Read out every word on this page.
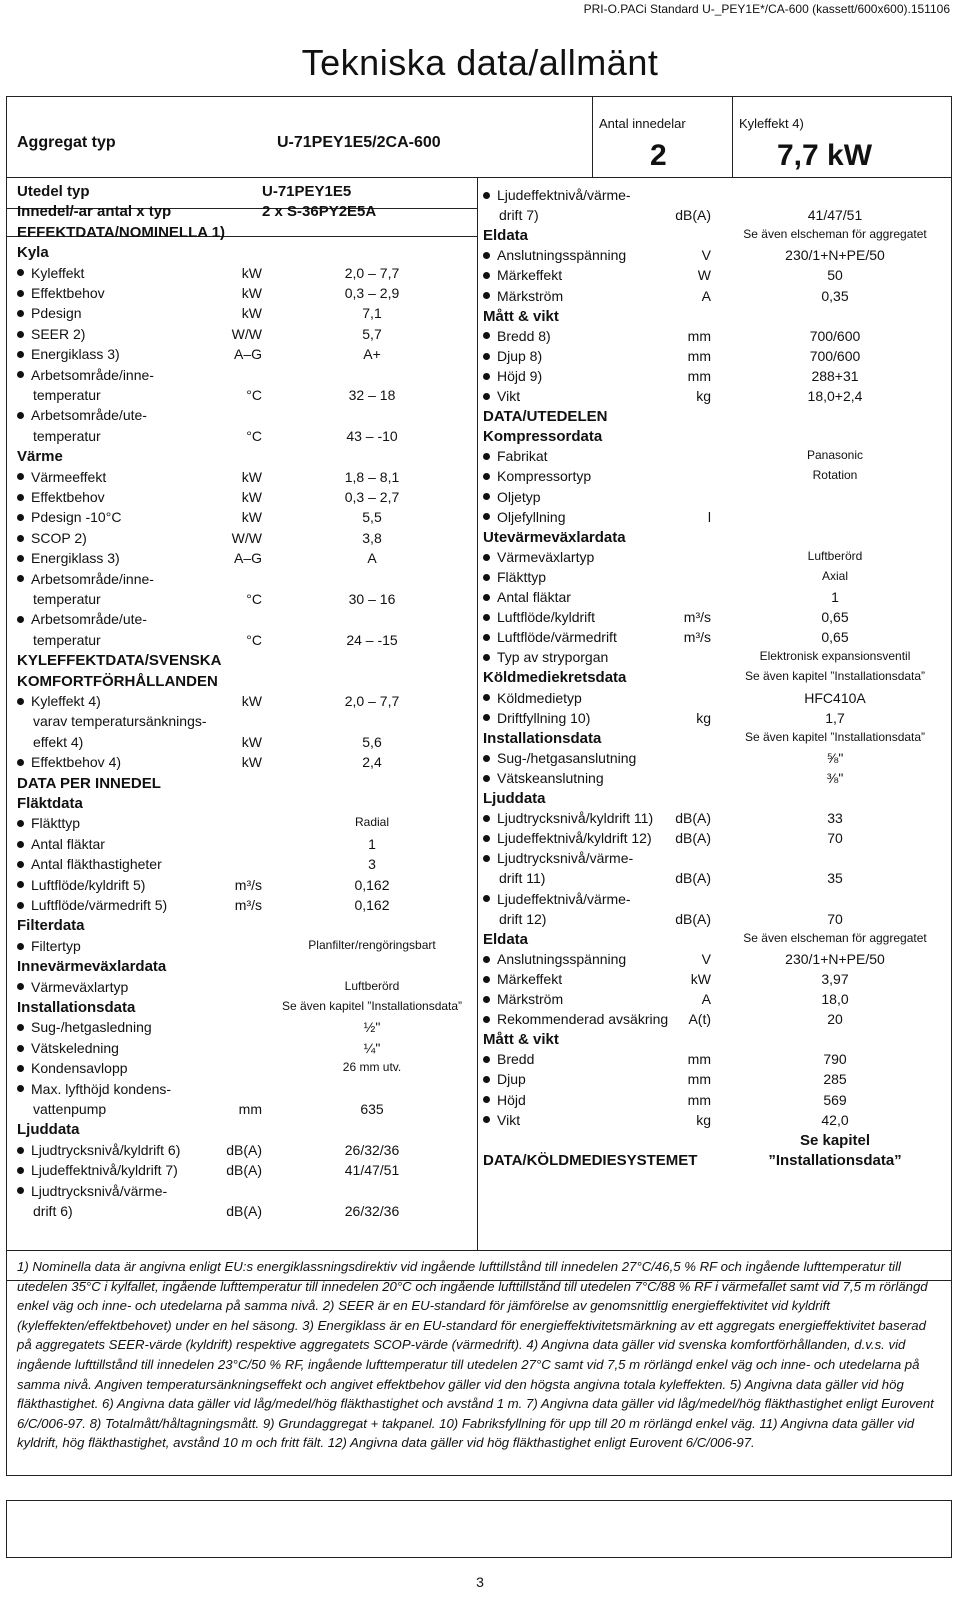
PRI-O.PACi Standard U-_PEY1E*/CA-600 (kassett/600x600).151106
Tekniska data/allmänt
Aggregat typ	U-71PEY1E5/2CA-600
Antal innedelar
2
Kyleffekt 4)
7,7 kW
Utedel typ	U-71PEY1E5
Innedel/-ar antal x typ	2 x S-36PY2E5A
EFFEKTDATA/NOMINELLA 1)
Kyla
Kyleffekt	kW	2,0 – 7,7
Effektbehov	kW	0,3 – 2,9
Pdesign	kW	7,1
SEER 2)	W/W	5,7
Energiklass 3)	A–G	A+
Arbetsområde/inne-
temperatur	°C	32 – 18
Arbetsområde/ute-
temperatur	°C	43 – -10
Värme
Värmeeffekt	kW	1,8 – 8,1
Effektbehov	kW	0,3 – 2,7
Pdesign -10°C	kW	5,5
SCOP 2)	W/W	3,8
Energiklass 3)	A–G	A
Arbetsområde/inne-
temperatur	°C	30 – 16
Arbetsområde/ute-
temperatur	°C	24 – -15
KYLEFFEKTDATA/SVENSKA
KOMFORTFÖRHÅLLANDEN
Kyleffekt 4)	kW	2,0 – 7,7
varav temperatursänknings-
effekt 4)	kW	5,6
Effektbehov 4)	kW	2,4
DATA PER INNEDEL
Fläktdata
Fläkttyp	Radial
Antal fläktar	1
Antal fläkthastigheter	3
Luftflöde/kyldrift 5)	m³/s	0,162
Luftflöde/värmedrift 5)	m³/s	0,162
Filterdata
Filtertyp	Planfilter/rengöringsbart
Innevärmeväxlardata
Värmeväxlartyp	Luftberörd
Installationsdata	Se även kapitel ”Installationsdata”
Sug-/hetgasledning	½"
Vätskeledning	¼"
Kondensavlopp	26 mm utv.
Max. lyfthöjd kondens-
vattenpump	mm	635
Ljuddata
Ljudtrycksnivå/kyldrift 6)	dB(A)	26/32/36
Ljudeffektnivå/kyldrift 7)	dB(A)	41/47/51
Ljudtrycksnivå/värme-
drift 6)	dB(A)	26/32/36
Ljudeffektnivå/värme-
drift 7)	dB(A)	41/47/51
Eldata	Se även elscheman för aggregatet
Anslutningsspänning	V	230/1+N+PE/50
Märkeffekt	W	50
Märkström	A	0,35
Mått & vikt
Bredd 8)	mm	700/600
Djup 8)	mm	700/600
Höjd 9)	mm	288+31
Vikt	kg	18,0+2,4
DATA/UTEDELEN
Kompressordata
Fabrikat	Panasonic
Kompressortyp	Rotation
Oljetyp
Oljefyllning	l
Utevärmeväxlardata
Värmeväxlartyp	Luftberörd
Fläkttyp	Axial
Antal fläktar	1
Luftflöde/kyldrift	m³/s	0,65
Luftflöde/värmedrift	m³/s	0,65
Typ av stryporgan	Elektronisk expansionsventil
Köldmediekretsdata	Se även kapitel ”Installationsdata”
Köldmedietyp	HFC410A
Driftfyllning 10)	kg	1,7
Installationsdata	Se även kapitel ”Installationsdata”
Sug-/hetgasanslutning	⅝"
Vätskeanslutning	⅜"
Ljuddata
Ljudtrycksnivå/kyldrift 11) dB(A)	33
Ljudeffektnivå/kyldrift 12) dB(A)	70
Ljudtrycksnivå/värme-
drift 11)	dB(A)	35
Ljudeffektnivå/värme-
drift 12)	dB(A)	70
Eldata	Se även elscheman för aggregatet
Anslutningsspänning	V	230/1+N+PE/50
Märkeffekt	kW	3,97
Märkström	A	18,0
Rekommenderad avsäkring A(t)	20
Mått & vikt
Bredd	mm	790
Djup	mm	285
Höjd	mm	569
Vikt	kg	42,0
Se kapitel
DATA/KÖLDMEDIESYSTEMET	”Installationsdata”
1) Nominella data är angivna enligt EU:s energiklassningsdirektiv vid ingående lufttillstånd till innedelen 27°C/46,5 % RF och ingående lufttemperatur till utedelen 35°C i kylfallet, ingående lufttemperatur till innedelen 20°C och ingående lufttillstånd till utedelen 7°C/88 % RF i värmefallet samt vid 7,5 m rörlängd enkel väg och inne- och utedelarna på samma nivå. 2) SEER är en EU-standard för jämförelse av genomsnittlig energieffektivitet vid kyldrift (kyleffekten/effektbehovet) under en hel säsong. 3) Energiklass är en EU-standard för energieffektivitetsmärkning av ett aggregats energieffektivitet baserad på aggregatets SEER-värde (kyldrift) respektive aggregatets SCOP-värde (värmedrift). 4) Angivna data gäller vid svenska komfortförhållanden, d.v.s. vid ingående lufttillstånd till innedelen 23°C/50 % RF, ingående lufttemperatur till utedelen 27°C samt vid 7,5 m rörlängd enkel väg och inne- och utedelarna på samma nivå. Angiven temperatursänkningseffekt och angivet effektbehov gäller vid den högsta angivna totala kyleffekten. 5) Angivna data gäller vid hög fläkthastighet. 6) Angivna data gäller vid låg/medel/hög fläkthastighet och avstånd 1 m. 7) Angivna data gäller vid låg/medel/hög fläkthastighet enligt Eurovent 6/C/006-97. 8) Totalmått/håltagningsmått. 9) Grundaggregat + takpanel. 10) Fabriksfyllning för upp till 20 m rörlängd enkel väg. 11) Angivna data gäller vid kyldrift, hög fläkthastighet, avstånd 10 m och fritt fält. 12) Angivna data gäller vid hög fläkthastighet enligt Eurovent 6/C/006-97.
3
